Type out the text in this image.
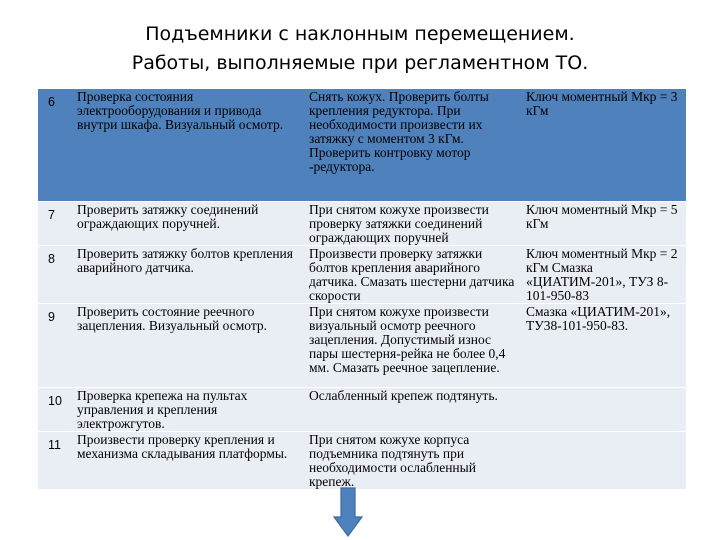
Подъемники с наклонным перемещением.
Работы, выполняемые при регламентном ТО.
6	Проверка состояния электрооборудования и привода внутри шкафа. Визуальный осмотр.	Снять кожух. Проверить болты крепления редуктора. При необходимости произвести их затяжку с моментом 3 кГм. Проверить контровку мотор -редуктора.	Ключ моментный Мкр = 3 кГм
7	Проверить затяжку соединений ограждающих поручней.	При снятом кожухе произвести проверку затяжки соединений ограждающих поручней	Ключ моментный Мкр = 5 кГм
8	Проверить затяжку болтов крепления аварийного датчика.	Произвести проверку затяжки болтов крепления аварийного датчика. Смазать шестерни датчика скорости	Ключ моментный Мкр = 2 кГм Смазка «ЦИАТИМ-201», ТУЗ 8-101-950-83
9	Проверить состояние реечного зацепления. Визуальный осмотр.	При снятом кожухе произвести визуальный осмотр реечного зацепления. Допустимый износ пары шестерня-рейка не более 0,4 мм. Смазать реечное зацепление.	Смазка «ЦИАТИМ-201», ТУ38-101-950-83.
10	Проверка крепежа на пультах управления и крепления электрожгутов.	Ослабленный крепеж подтянуть.	
11	Произвести проверку крепления и механизма складывания платформы.	При снятом кожухе корпуса подъемника подтянуть при необходимости ослабленный крепеж.	
